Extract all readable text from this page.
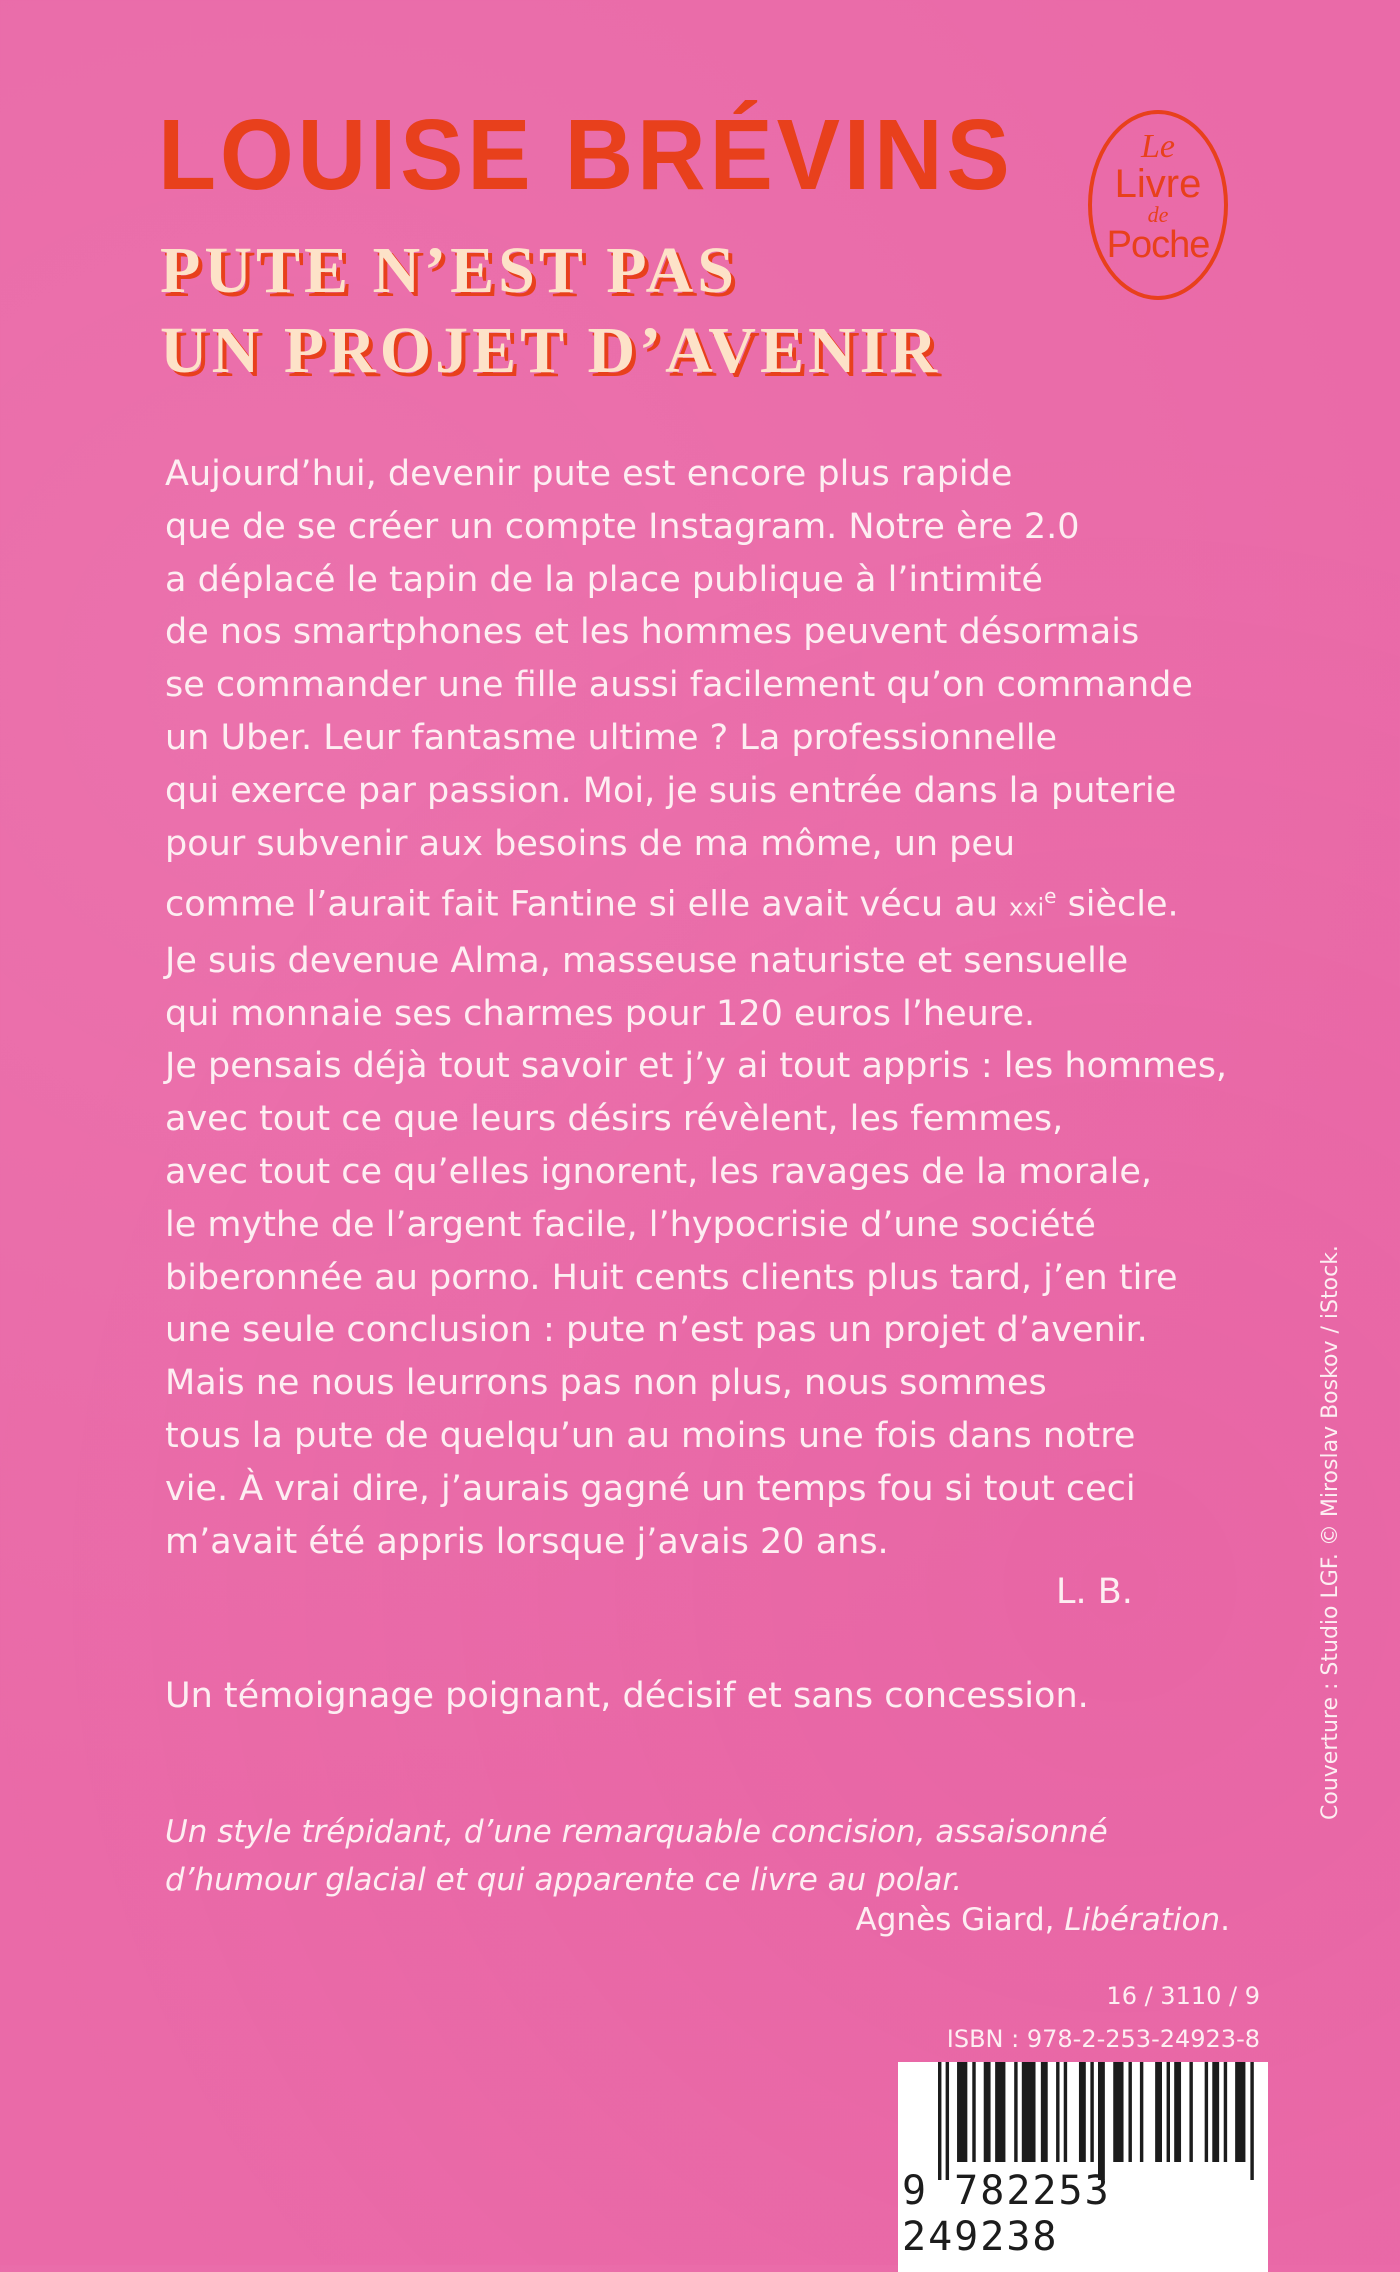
LOUISE BRÉVINS
PUTE N’EST PAS
UN PROJET D’AVENIR
Le
Livre
de
Poche
Aujourd’hui, devenir pute est encore plus rapide
que de se créer un compte Instagram. Notre ère 2.0
a déplacé le tapin de la place publique à l’intimité
de nos smartphones et les hommes peuvent désormais
se commander une fille aussi facilement qu’on commande
un Uber. Leur fantasme ultime ? La professionnelle
qui exerce par passion. Moi, je suis entrée dans la puterie
pour subvenir aux besoins de ma môme, un peu
comme l’aurait fait Fantine si elle avait vécu au xxi$^e$ siècle.
Je suis devenue Alma, masseuse naturiste et sensuelle
qui monnaie ses charmes pour 120 euros l’heure.
Je pensais déjà tout savoir et j’y ai tout appris : les hommes,
avec tout ce que leurs désirs révèlent, les femmes,
avec tout ce qu’elles ignorent, les ravages de la morale,
le mythe de l’argent facile, l’hypocrisie d’une société
biberonnée au porno. Huit cents clients plus tard, j’en tire
une seule conclusion : pute n’est pas un projet d’avenir.
Mais ne nous leurrons pas non plus, nous sommes
tous la pute de quelqu’un au moins une fois dans notre
vie. À vrai dire, j’aurais gagné un temps fou si tout ceci
m’avait été appris lorsque j’avais 20 ans.
L. B.
Un témoignage poignant, décisif et sans concession.
Un style trépidant, d’une remarquable concision, assaisonné
d’humour glacial et qui apparente ce livre au polar.
Agnès Giard, Libération.
16 / 3110 / 9
ISBN : 978-2-253-24923-8
9 782253 249238
Couverture : Studio LGF. © Miroslav Boskov / iStock.
